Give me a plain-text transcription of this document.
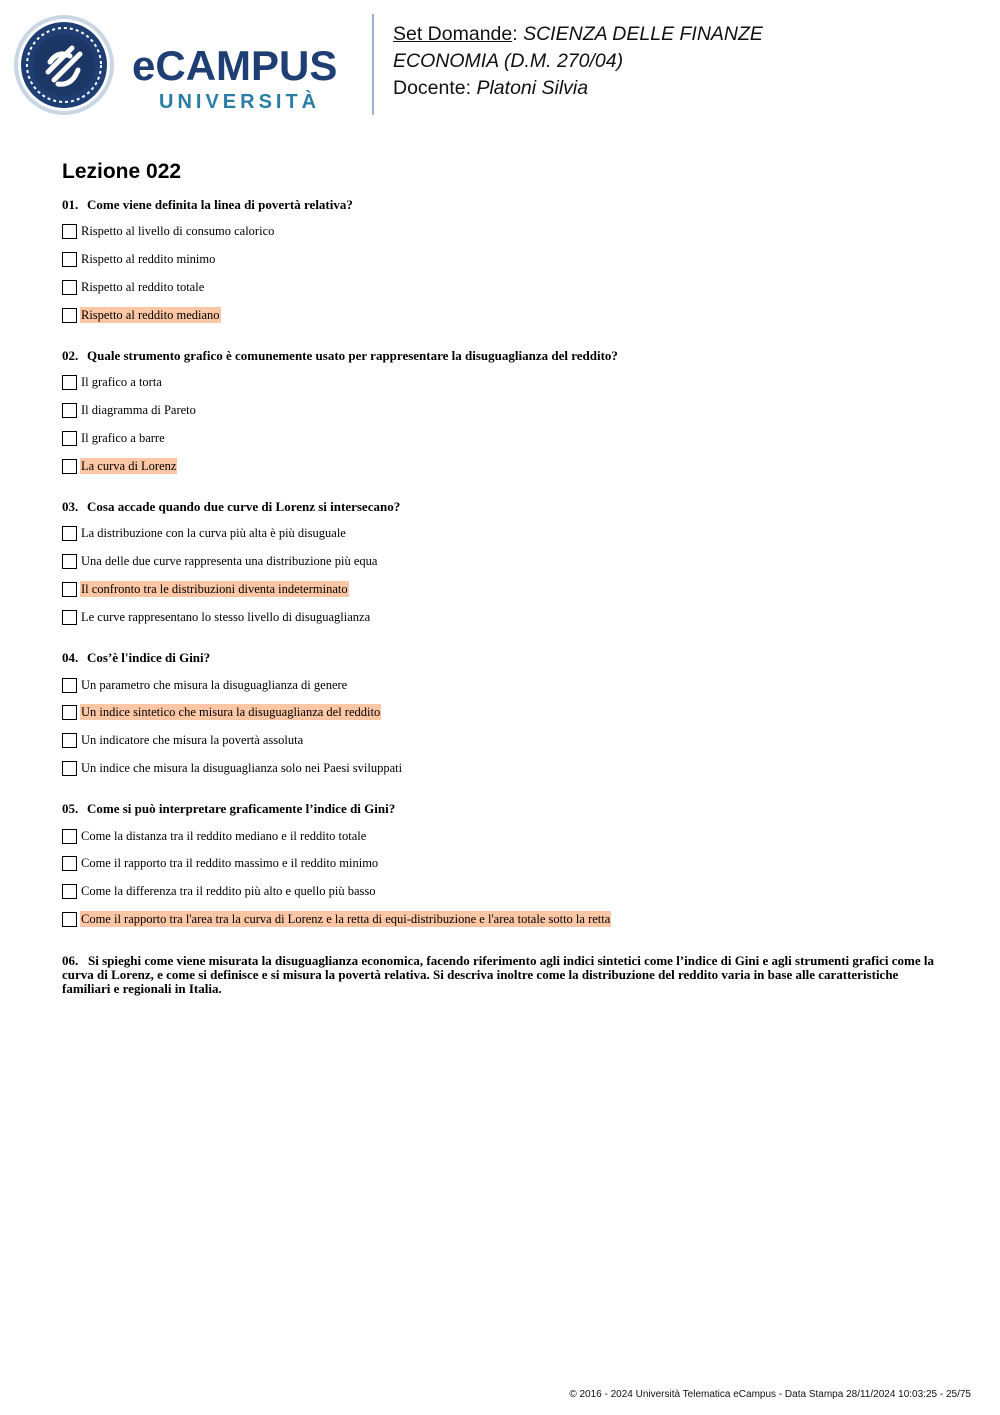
eCAMPUS
UNIVERSITÀ
Set Domande: SCIENZA DELLE FINANZE
ECONOMIA (D.M. 270/04)
Docente: Platoni Silvia
Lezione 022
01. Come viene definita la linea di povertà relativa?
Rispetto al livello di consumo calorico
Rispetto al reddito minimo
Rispetto al reddito totale
Rispetto al reddito mediano
02. Quale strumento grafico è comunemente usato per rappresentare la disuguaglianza del reddito?
Il grafico a torta
Il diagramma di Pareto
Il grafico a barre
La curva di Lorenz
03. Cosa accade quando due curve di Lorenz si intersecano?
La distribuzione con la curva più alta è più disuguale
Una delle due curve rappresenta una distribuzione più equa
Il confronto tra le distribuzioni diventa indeterminato
Le curve rappresentano lo stesso livello di disuguaglianza
04. Cos’è l'indice di Gini?
Un parametro che misura la disuguaglianza di genere
Un indice sintetico che misura la disuguaglianza del reddito
Un indicatore che misura la povertà assoluta
Un indice che misura la disuguaglianza solo nei Paesi sviluppati
05. Come si può interpretare graficamente l’indice di Gini?
Come la distanza tra il reddito mediano e il reddito totale
Come il rapporto tra il reddito massimo e il reddito minimo
Come la differenza tra il reddito più alto e quello più basso
Come il rapporto tra l'area tra la curva di Lorenz e la retta di equi-distribuzione e l'area totale sotto la retta
06. Si spieghi come viene misurata la disuguaglianza economica, facendo riferimento agli indici sintetici come l’indice di Gini e agli strumenti grafici come la curva di Lorenz, e come si definisce e si misura la povertà relativa. Si descriva inoltre come la distribuzione del reddito varia in base alle caratteristiche familiari e regionali in Italia.
© 2016 - 2024 Università Telematica eCampus - Data Stampa 28/11/2024 10:03:25 - 25/75
